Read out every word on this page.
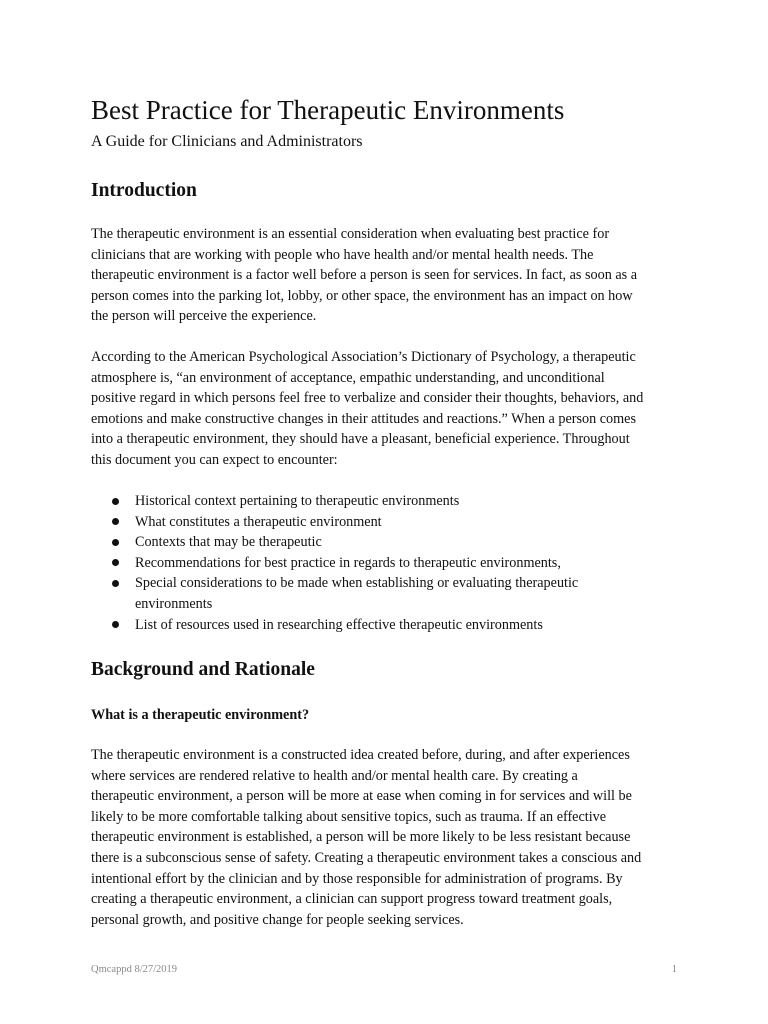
Best Practice for Therapeutic Environments
A Guide for Clinicians and Administrators
Introduction
The therapeutic environment is an essential consideration when evaluating best practice for
clinicians that are working with people who have health and/or mental health needs. The
therapeutic environment is a factor well before a person is seen for services. In fact, as soon as a
person comes into the parking lot, lobby, or other space, the environment has an impact on how
the person will perceive the experience.
According to the American Psychological Association’s Dictionary of Psychology, a therapeutic
atmosphere is, “an environment of acceptance, empathic understanding, and unconditional
positive regard in which persons feel free to verbalize and consider their thoughts, behaviors, and
emotions and make constructive changes in their attitudes and reactions.” When a person comes
into a therapeutic environment, they should have a pleasant, beneficial experience. Throughout
this document you can expect to encounter:
Historical context pertaining to therapeutic environments
What constitutes a therapeutic environment
Contexts that may be therapeutic
Recommendations for best practice in regards to therapeutic environments,
Special considerations to be made when establishing or evaluating therapeutic
environments
List of resources used in researching effective therapeutic environments
Background and Rationale
What is a therapeutic environment?
The therapeutic environment is a constructed idea created before, during, and after experiences
where services are rendered relative to health and/or mental health care. By creating a
therapeutic environment, a person will be more at ease when coming in for services and will be
likely to be more comfortable talking about sensitive topics, such as trauma. If an effective
therapeutic environment is established, a person will be more likely to be less resistant because
there is a subconscious sense of safety. Creating a therapeutic environment takes a conscious and
intentional effort by the clinician and by those responsible for administration of programs. By
creating a therapeutic environment, a clinician can support progress toward treatment goals,
personal growth, and positive change for people seeking services.
Qmcappd 8/27/2019	1
